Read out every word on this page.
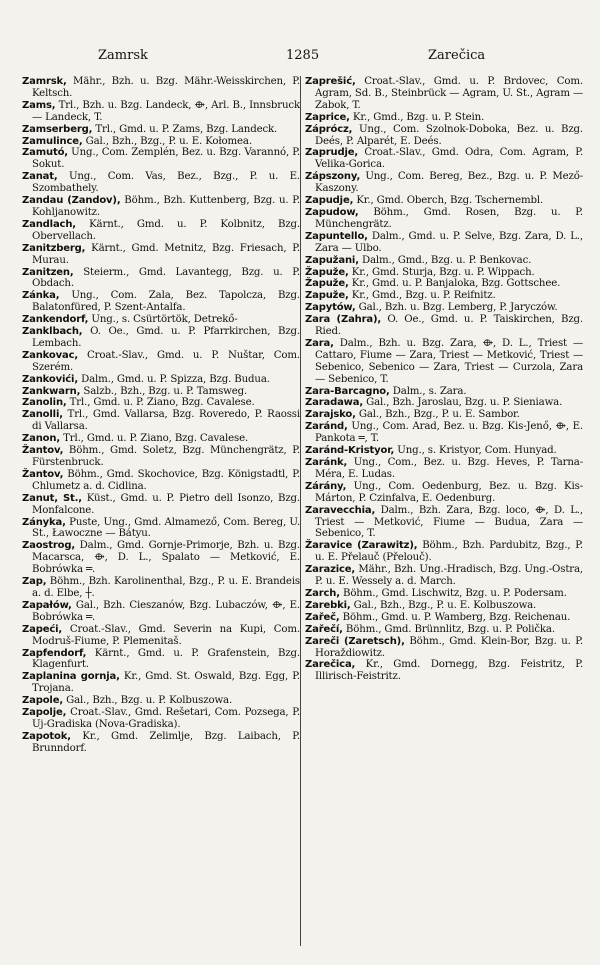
Zamrsk	1285	Zarečica
Zamrsk, Mähr., Bzh. u. Bzg. Mähr.-Weisskirchen, P. Keltsch.
Zams, Trl., Bzh. u. Bzg. Landeck, ⟴, Arl. B., Innsbruck — Landeck, T.
Zamserberg, Trl., Gmd. u. P. Zams, Bzg. Landeck.
Zamulince, Gal., Bzh., Bzg., P. u. E. Kołomea.
Zamutó, Ung., Com. Zemplén, Bez. u. Bzg. Varannó, P. Sokut.
Zanat, Ung., Com. Vas, Bez., Bzg., P. u. E. Szombathely.
Zandau (Zandov), Böhm., Bzh. Kuttenberg, Bzg. u. P. Kohljanowitz.
Zandlach, Kärnt., Gmd. u. P. Kolbnitz, Bzg. Obervellach.
Zanitzberg, Kärnt., Gmd. Metnitz, Bzg. Friesach, P. Murau.
Zanitzen, Steierm., Gmd. Lavantegg, Bzg. u. P. Obdach.
Zánka, Ung., Com. Zala, Bez. Tapolcza, Bzg. Balatonfüred, P. Szent-Antalfa.
Zankendorf, Ung., s. Csürtörtök, Detrekő-
Zanklbach, O. Oe., Gmd. u. P. Pfarrkirchen, Bzg. Lembach.
Zankovac, Croat.-Slav., Gmd. u. P. Nuštar, Com. Szerém.
Zankovići, Dalm., Gmd. u. P. Spizza, Bzg. Budua.
Zankwarn, Salzb., Bzh., Bzg. u. P. Tamsweg.
Zanolin, Trl., Gmd. u. P. Ziano, Bzg. Cavalese.
Zanolli, Trl., Gmd. Vallarsa, Bzg. Roveredo, P. Raossi di Vallarsa.
Zanon, Trl., Gmd. u. P. Ziano, Bzg. Cavalese.
Žantov, Böhm., Gmd. Soletz, Bzg. Münchengrätz, P. Fürstenbruck.
Žantov, Böhm., Gmd. Skochovice, Bzg. Königstadtl, P. Chlumetz a. d. Cidlina.
Zanut, St., Küst., Gmd. u. P. Pietro dell Isonzo, Bzg. Monfalcone.
Zányka, Puste, Ung., Gmd. Almamező, Com. Bereg, U. St., Ławoczne — Bátyu.
Zaostrog, Dalm., Gmd. Gornje-Primorje, Bzh. u. Bzg. Macarsca, ⟴, D. L., Spalato — Metković, E. Bobrówka ═.
Zap, Böhm., Bzh. Karolinenthal, Bzg., P. u. E. Brandeis a. d. Elbe, ┼.
Zapałów, Gal., Bzh. Cieszanów, Bzg. Lubaczów, ⟴, E. Bobrówka ═.
Zapeći, Croat.-Slav., Gmd. Severin na Kupi, Com. Modruš-Fiume, P. Plemenitaš.
Zapfendorf, Kärnt., Gmd. u. P. Grafenstein, Bzg. Klagenfurt.
Zaplanina gornja, Kr., Gmd. St. Oswald, Bzg. Egg, P. Trojana.
Zapole, Gal., Bzh., Bzg. u. P. Kolbuszowa.
Zapolje, Croat.-Slav., Gmd. Rešetari, Com. Pozsega, P. Uj-Gradiska (Nova-Gradiska).
Zapotok, Kr., Gmd. Zelimlje, Bzg. Laibach, P. Brunndorf.
Zaprešić, Croat.-Slav., Gmd. u. P. Brdovec, Com. Agram, Sd. B., Steinbrück — Agram, U. St., Agram — Zabok, T.
Zaprice, Kr., Gmd., Bzg. u. P. Stein.
Záprócz, Ung., Com. Szolnok-Doboka, Bez. u. Bzg. Deés, P. Alparét, E. Deés.
Zaprudje, Croat.-Slav., Gmd. Odra, Com. Agram, P. Velika-Gorica.
Zápszony, Ung., Com. Bereg, Bez., Bzg. u. P. Mező-Kaszony.
Zapudje, Kr., Gmd. Oberch, Bzg. Tschernembl.
Zapudow, Böhm., Gmd. Rosen, Bzg. u. P. Münchengrätz.
Zapuntello, Dalm., Gmd. u. P. Selve, Bzg. Zara, D. L., Zara — Ulbo.
Zapužani, Dalm., Gmd., Bzg. u. P. Benkovac.
Žapuže, Kr., Gmd. Sturja, Bzg. u. P. Wippach.
Žapuže, Kr., Gmd. u. P. Banjaloka, Bzg. Gottschee.
Zapuže, Kr., Gmd., Bzg. u. P. Reifnitz.
Zapytów, Gal., Bzh. u. Bzg. Lemberg, P. Jaryczów.
Zara (Zahra), O. Oe., Gmd. u. P. Taiskirchen, Bzg. Ried.
Zara, Dalm., Bzh. u. Bzg. Zara, ⟴, D. L., Triest — Cattaro, Fiume — Zara, Triest — Metković, Triest — Sebenico, Sebenico — Zara, Triest — Curzola, Zara — Sebenico, T.
Zara-Barcagno, Dalm., s. Zara.
Zaradawa, Gal., Bzh. Jaroslau, Bzg. u. P. Sieniawa.
Zarajsko, Gal., Bzh., Bzg., P. u. E. Sambor.
Zaránd, Ung., Com. Arad, Bez. u. Bzg. Kis-Jenő, ⟴, E. Pankota ═, T.
Zaránd-Kristyor, Ung., s. Kristyor, Com. Hunyad.
Zaránk, Ung., Com., Bez. u. Bzg. Heves, P. Tarna-Méra, E. Ludas.
Zárány, Ung., Com. Oedenburg, Bez. u. Bzg. Kis-Márton, P. Czinfalva, E. Oedenburg.
Zaravecchia, Dalm., Bzh. Zara, Bzg. loco, ⟴, D. L., Triest — Metković, Fiume — Budua, Zara — Sebenico, T.
Žaravice (Zarawitz), Böhm., Bzh. Pardubitz, Bzg., P. u. E. Přelauč (Přelouč).
Zarazice, Mähr., Bzh. Ung.-Hradisch, Bzg. Ung.-Ostra, P. u. E. Wessely a. d. March.
Zarch, Böhm., Gmd. Lischwitz, Bzg. u. P. Podersam.
Zarebki, Gal., Bzh., Bzg., P. u. E. Kolbuszowa.
Zařeč, Böhm., Gmd. u. P. Wamberg, Bzg. Reichenau.
Zařečí, Böhm., Gmd. Brünnlitz, Bzg. u. P. Polička.
Zareči (Zaretsch), Böhm., Gmd. Klein-Bor, Bzg. u. P. Horaždiowitz.
Zarečica, Kr., Gmd. Dornegg, Bzg. Feistritz, P. Illirisch-Feistritz.
